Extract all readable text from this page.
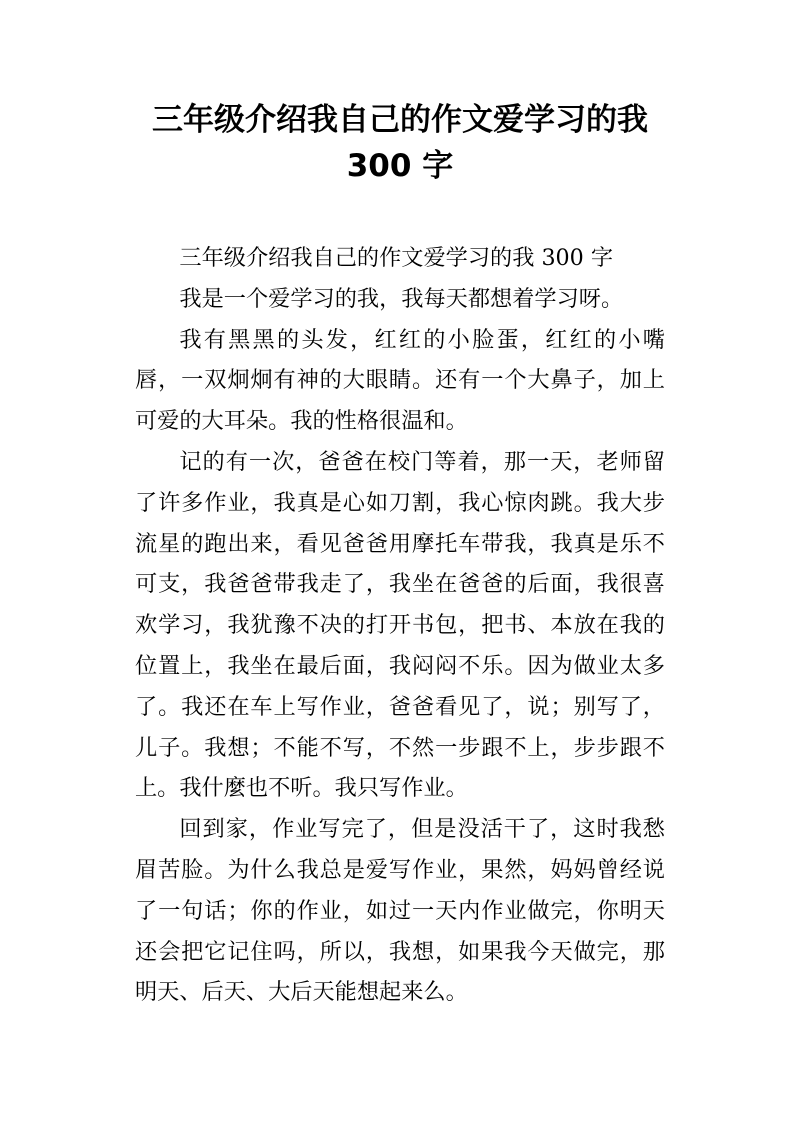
三年级介绍我自己的作文爱学习的我
300 字

三年级介绍我自己的作文爱学习的我 300 字

我是一个爱学习的我，我每天都想着学习呀。

我有黑黑的头发，红红的小脸蛋，红红的小嘴唇，一双炯炯有神的大眼睛。还有一个大鼻子，加上可爱的大耳朵。我的性格很温和。

记的有一次，爸爸在校门等着，那一天，老师留了许多作业，我真是心如刀割，我心惊肉跳。我大步流星的跑出来，看见爸爸用摩托车带我，我真是乐不可支，我爸爸带我走了，我坐在爸爸的后面，我很喜欢学习，我犹豫不决的打开书包，把书、本放在我的位置上，我坐在最后面，我闷闷不乐。因为做业太多了。我还在车上写作业，爸爸看见了，说；别写了，儿子。我想；不能不写，不然一步跟不上，步步跟不上。我什麼也不听。我只写作业。

回到家，作业写完了，但是没活干了，这时我愁眉苦脸。为什么我总是爱写作业，果然，妈妈曾经说了一句话；你的作业，如过一天内作业做完，你明天还会把它记住吗，所以，我想，如果我今天做完，那明天、后天、大后天能想起来么。
